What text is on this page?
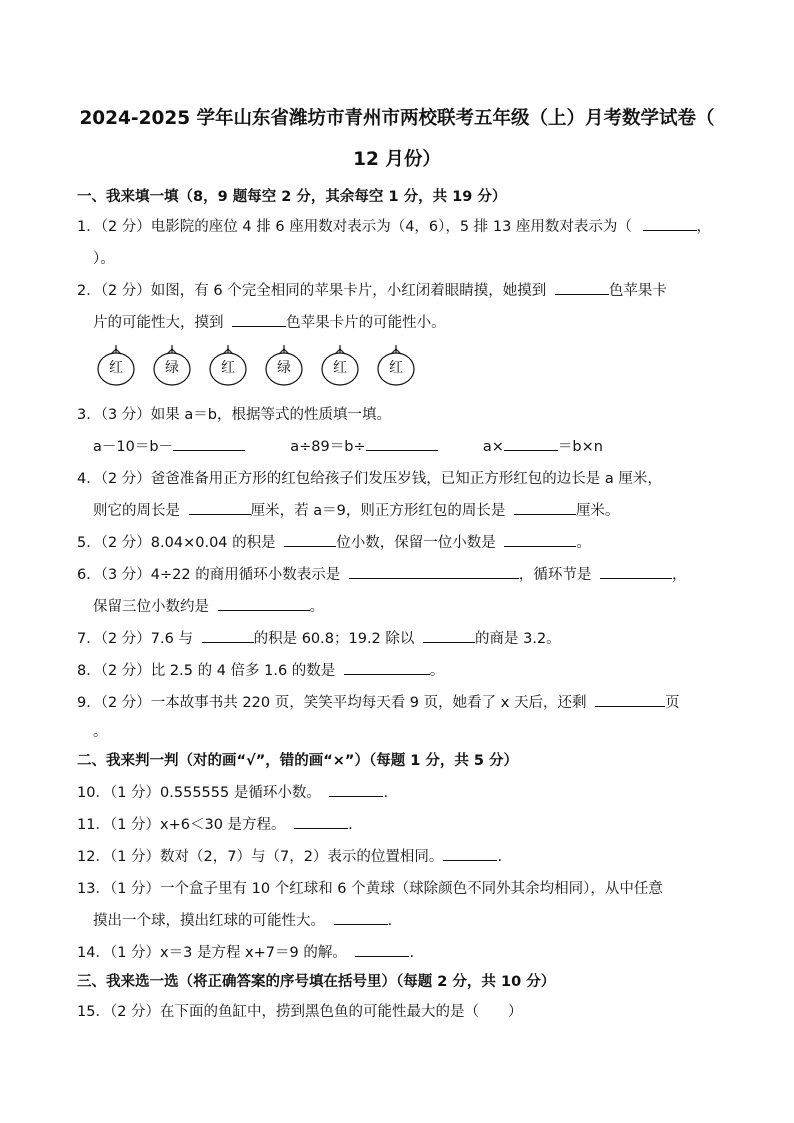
2024-2025 学年山东省潍坊市青州市两校联考五年级（上）月考数学试卷（
12 月份）
一、我来填一填（8，9 题每空 2 分，其余每空 1 分，共 19 分）
1．（2 分）电影院的座位 4 排 6 座用数对表示为（4，6），5 排 13 座用数对表示为（	，
）。
2．（2 分）如图，有 6 个完全相同的苹果卡片，小红闭着眼睛摸，她摸到	色苹果卡
片的可能性大，摸到	色苹果卡片的可能性小。
红	绿	红	绿	红	红
3．（3 分）如果 a＝b，根据等式的性质填一填。
a－10＝b－	a÷89＝b÷	a×	＝b×n
4．（2 分）爸爸准备用正方形的红包给孩子们发压岁钱，已知正方形红包的边长是 a 厘米，
则它的周长是	厘米，若 a＝9，则正方形红包的周长是	厘米。
5．（2 分）8.04×0.04 的积是	位小数，保留一位小数是	。
6．（3 分）4÷22 的商用循环小数表示是	，循环节是	，
保留三位小数约是	。
7．（2 分）7.6 与	的积是 60.8；19.2 除以	的商是 3.2。
8．（2 分）比 2.5 的 4 倍多 1.6 的数是	。
9．（2 分）一本故事书共 220 页，笑笑平均每天看 9 页，她看了 x 天后，还剩	页
。
二、我来判一判（对的画“√”，错的画“×”）（每题 1 分，共 5 分）
10．（1 分）0.555555 是循环小数。	.
11．（1 分）x+6＜30 是方程。	.
12．（1 分）数对（2，7）与（7，2）表示的位置相同。	.
13．（1 分）一个盒子里有 10 个红球和 6 个黄球（球除颜色不同外其余均相同），从中任意
摸出一个球，摸出红球的可能性大。	.
14．（1 分）x＝3 是方程 x+7＝9 的解。	.
三、我来选一选（将正确答案的序号填在括号里）（每题 2 分，共 10 分）
15．（2 分）在下面的鱼缸中，捞到黑色鱼的可能性最大的是（　　）
